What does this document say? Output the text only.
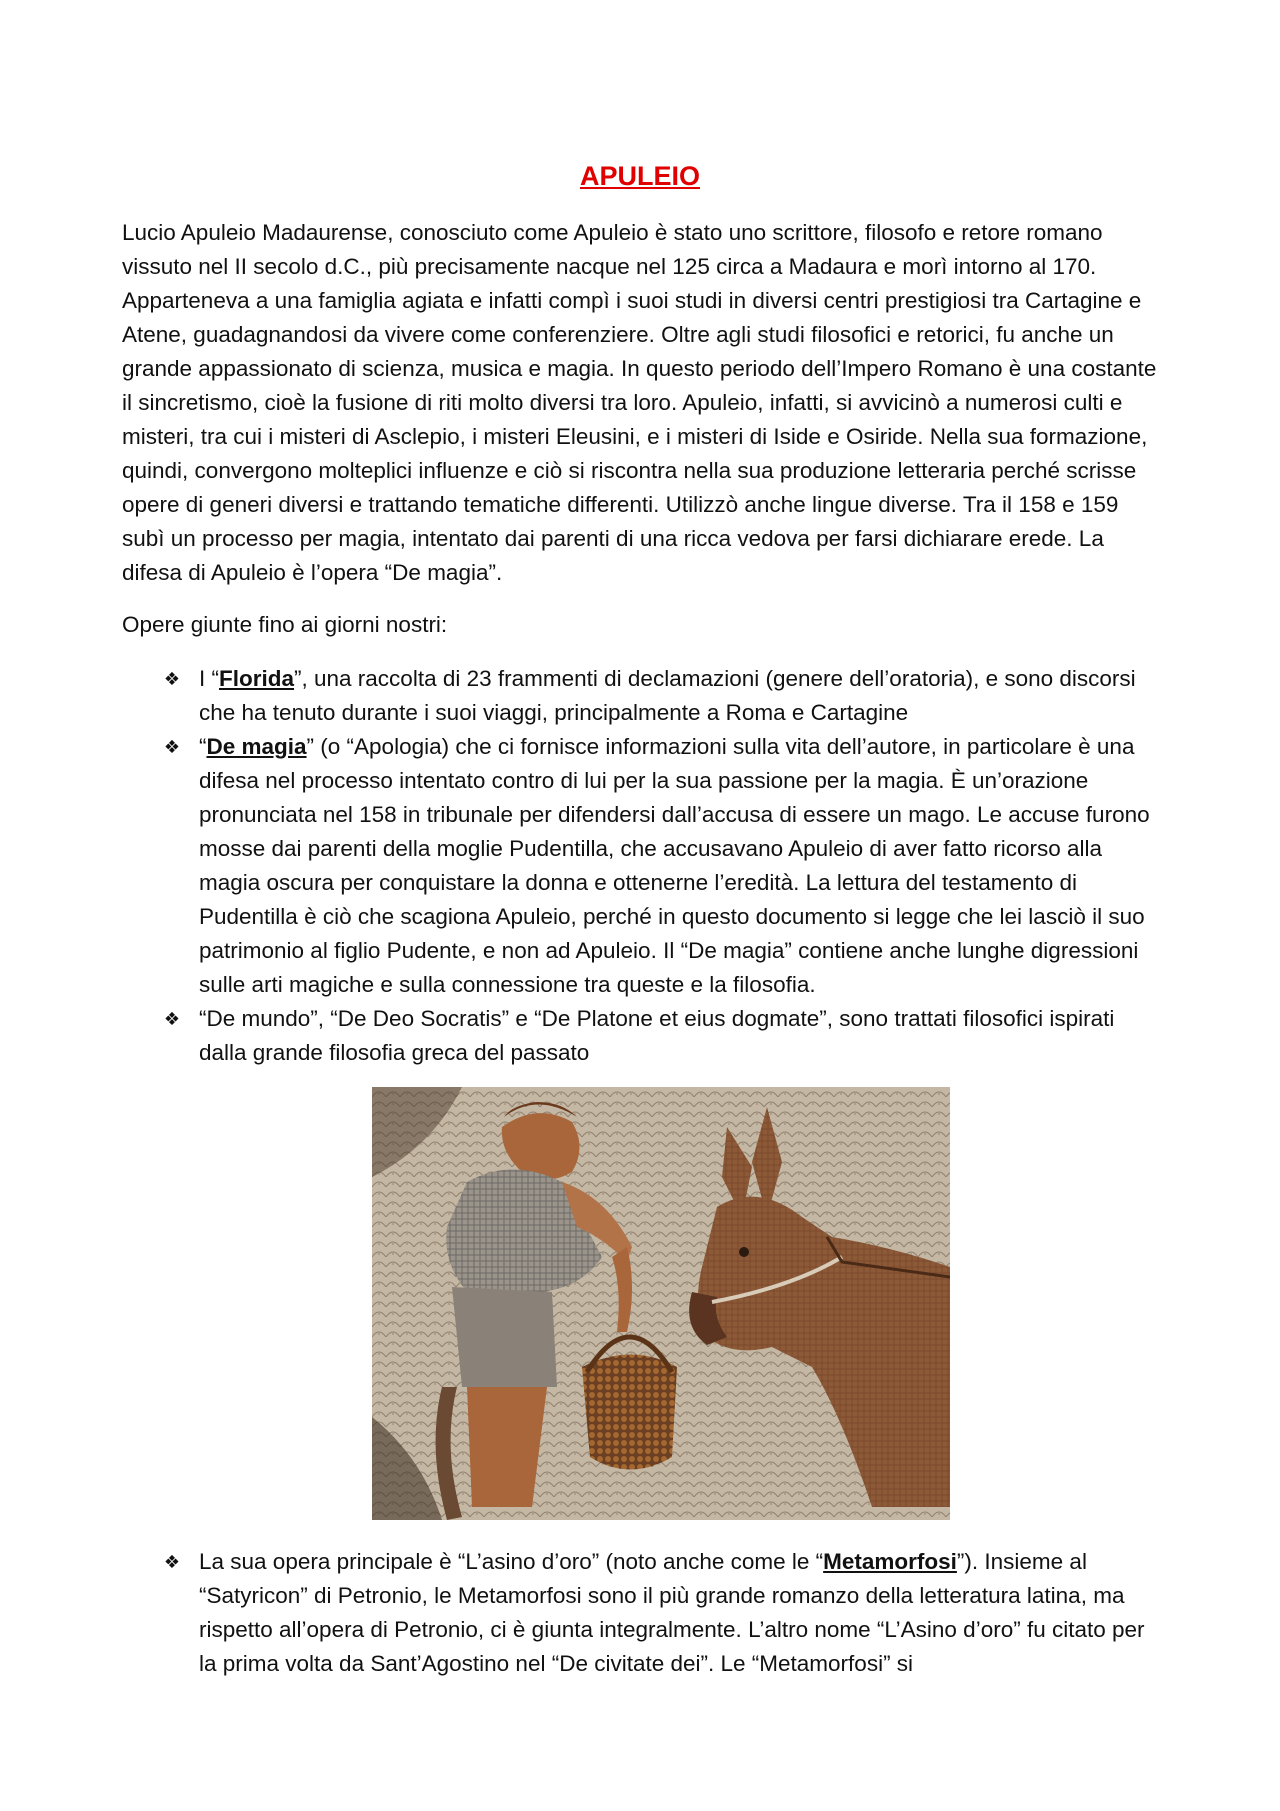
APULEIO
Lucio Apuleio Madaurense, conosciuto come Apuleio è stato uno scrittore, filosofo e retore romano vissuto nel II secolo d.C., più precisamente nacque nel 125 circa a Madaura e morì intorno al 170. Apparteneva a una famiglia agiata e infatti compì i suoi studi in diversi centri prestigiosi tra Cartagine e Atene, guadagnandosi da vivere come conferenziere. Oltre agli studi filosofici e retorici, fu anche un grande appassionato di scienza, musica e magia. In questo periodo dell’Impero Romano è una costante il sincretismo, cioè la fusione di riti molto diversi tra loro. Apuleio, infatti, si avvicinò a numerosi culti e misteri, tra cui i misteri di Asclepio, i misteri Eleusini, e i misteri di Iside e Osiride. Nella sua formazione, quindi, convergono molteplici influenze e ciò si riscontra nella sua produzione letteraria perché scrisse opere di generi diversi e trattando tematiche differenti. Utilizzò anche lingue diverse. Tra il 158 e 159 subì un processo per magia, intentato dai parenti di una ricca vedova per farsi dichiarare erede. La difesa di Apuleio è l’opera “De magia”.
Opere giunte fino ai giorni nostri:
❖ I “Florida”, una raccolta di 23 frammenti di declamazioni (genere dell’oratoria), e sono discorsi che ha tenuto durante i suoi viaggi, principalmente a Roma e Cartagine
❖ “De magia” (o “Apologia) che ci fornisce informazioni sulla vita dell’autore, in particolare è una difesa nel processo intentato contro di lui per la sua passione per la magia. È un’orazione pronunciata nel 158 in tribunale per difendersi dall’accusa di essere un mago. Le accuse furono mosse dai parenti della moglie Pudentilla, che accusavano Apuleio di aver fatto ricorso alla magia oscura per conquistare la donna e ottenerne l’eredità. La lettura del testamento di Pudentilla è ciò che scagiona Apuleio, perché in questo documento si legge che lei lasciò il suo patrimonio al figlio Pudente, e non ad Apuleio. Il “De magia” contiene anche lunghe digressioni sulle arti magiche e sulla connessione tra queste e la filosofia.
❖ “De mundo”, “De Deo Socratis” e “De Platone et eius dogmate”, sono trattati filosofici ispirati dalla grande filosofia greca del passato
❖ La sua opera principale è “L’asino d’oro” (noto anche come le “Metamorfosi”). Insieme al “Satyricon” di Petronio, le Metamorfosi sono il più grande romanzo della letteratura latina, ma rispetto all’opera di Petronio, ci è giunta integralmente. L’altro nome “L’Asino d’oro” fu citato per la prima volta da Sant’Agostino nel “De civitate dei”. Le “Metamorfosi” si
